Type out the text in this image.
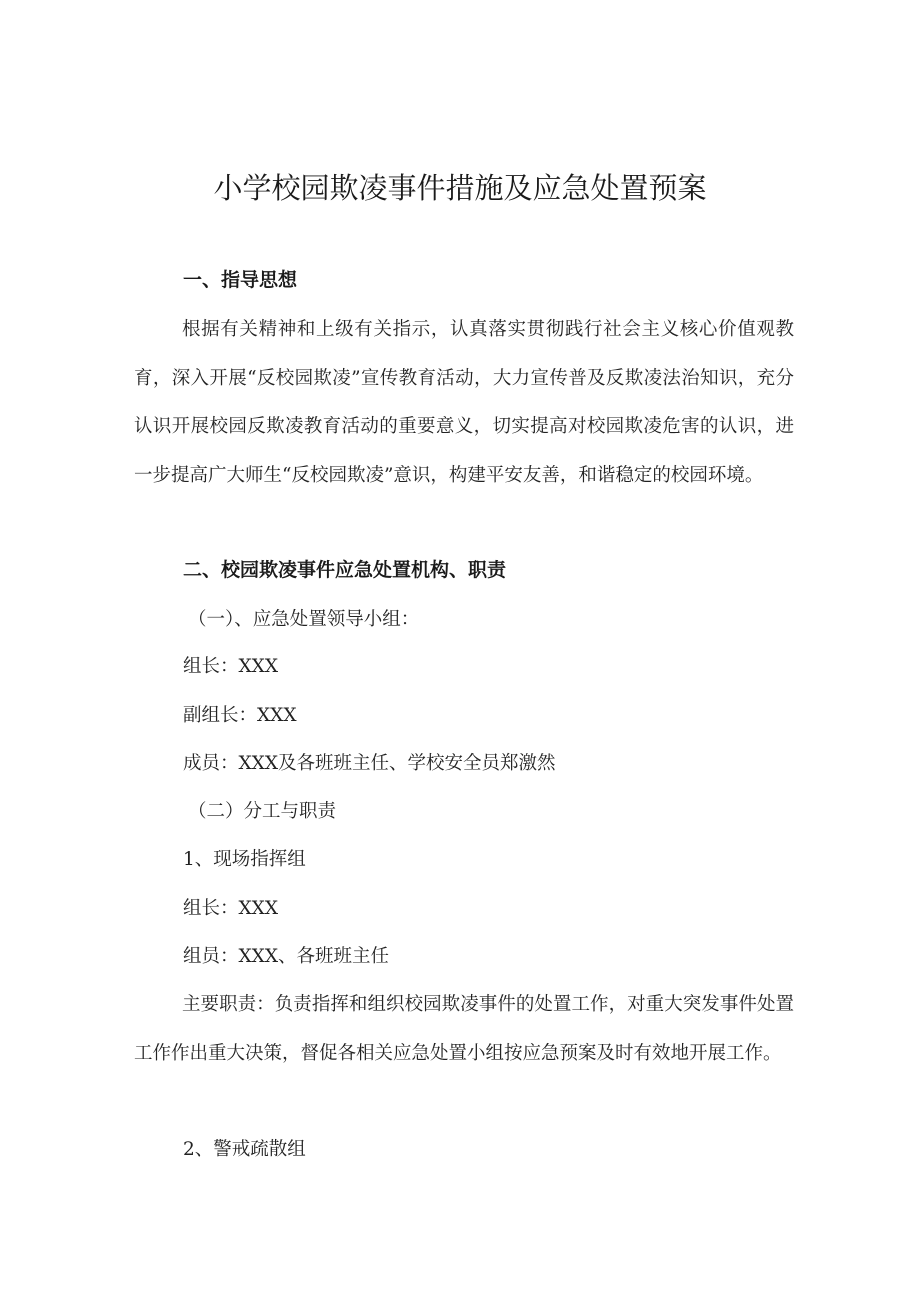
小学校园欺凌事件措施及应急处置预案
一、指导思想
根据有关精神和上级有关指示，认真落实贯彻践行社会主义核心价值观教育，深入开展“反校园欺凌”宣传教育活动，大力宣传普及反欺凌法治知识，充分认识开展校园反欺凌教育活动的重要意义，切实提高对校园欺凌危害的认识，进一步提高广大师生“反校园欺凌”意识，构建平安友善，和谐稳定的校园环境。
二、校园欺凌事件应急处置机构、职责
（一）、应急处置领导小组：
组长：XXX
副组长：XXX
成员：XXX及各班班主任、学校安全员郑激然
（二）分工与职责
1、现场指挥组
组长：XXX
组员：XXX、各班班主任
主要职责：负责指挥和组织校园欺凌事件的处置工作，对重大突发事件处置工作作出重大决策，督促各相关应急处置小组按应急预案及时有效地开展工作。
2、警戒疏散组
